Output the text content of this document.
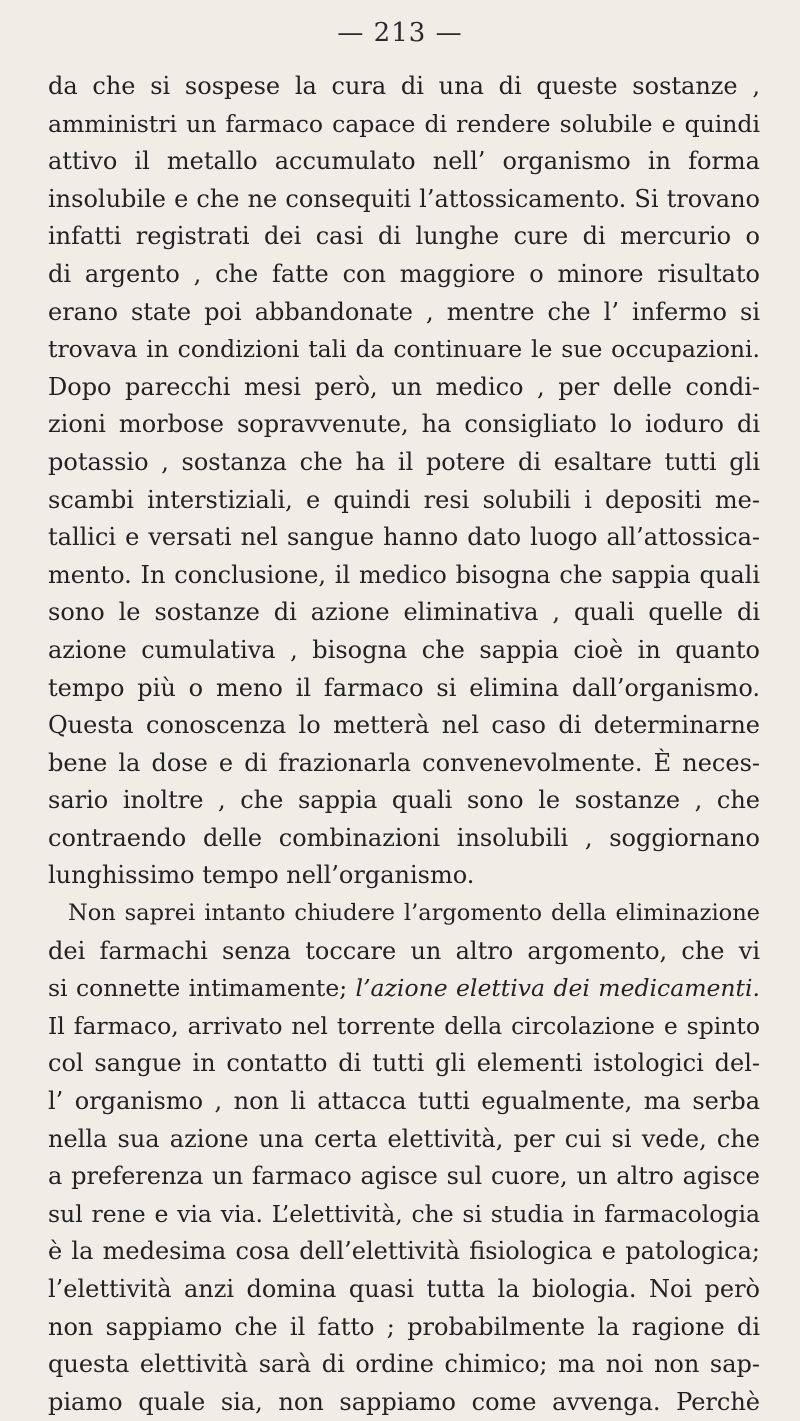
— 213 —
da che si sospese la cura di una di queste sostanze ,
amministri un farmaco capace di rendere solubile e quindi
attivo il metallo accumulato nell’ organismo in forma
insolubile e che ne consequiti l’attossicamento. Si trovano
infatti registrati dei casi di lunghe cure di mercurio o
di argento , che fatte con maggiore o minore risultato
erano state poi abbandonate , mentre che l’ infermo si
trovava in condizioni tali da continuare le sue occupazioni.
Dopo parecchi mesi però, un medico , per delle condi-
zioni morbose sopravvenute, ha consigliato lo ioduro di
potassio , sostanza che ha il potere di esaltare tutti gli
scambi interstiziali, e quindi resi solubili i depositi me-
tallici e versati nel sangue hanno dato luogo all’attossica-
mento. In conclusione, il medico bisogna che sappia quali
sono le sostanze di azione eliminativa , quali quelle di
azione cumulativa , bisogna che sappia cioè in quanto
tempo più o meno il farmaco si elimina dall’organismo.
Questa conoscenza lo metterà nel caso di determinarne
bene la dose e di frazionarla convenevolmente. È neces-
sario inoltre , che sappia quali sono le sostanze , che
contraendo delle combinazioni insolubili , soggiornano
lunghissimo tempo nell’organismo.
Non saprei intanto chiudere l’argomento della eliminazione
dei farmachi senza toccare un altro argomento, che vi
si connette intimamente; l’azione elettiva dei medicamenti.
Il farmaco, arrivato nel torrente della circolazione e spinto
col sangue in contatto di tutti gli elementi istologici del-
l’ organismo , non li attacca tutti egualmente, ma serba
nella sua azione una certa elettività, per cui si vede, che
a preferenza un farmaco agisce sul cuore, un altro agisce
sul rene e via via. L’elettività, che si studia in farmacologia
è la medesima cosa dell’elettività fisiologica e patologica;
l’elettività anzi domina quasi tutta la biologia. Noi però
non sappiamo che il fatto ; probabilmente la ragione di
questa elettività sarà di ordine chimico; ma noi non sap-
piamo quale sia, non sappiamo come avvenga. Perchè
